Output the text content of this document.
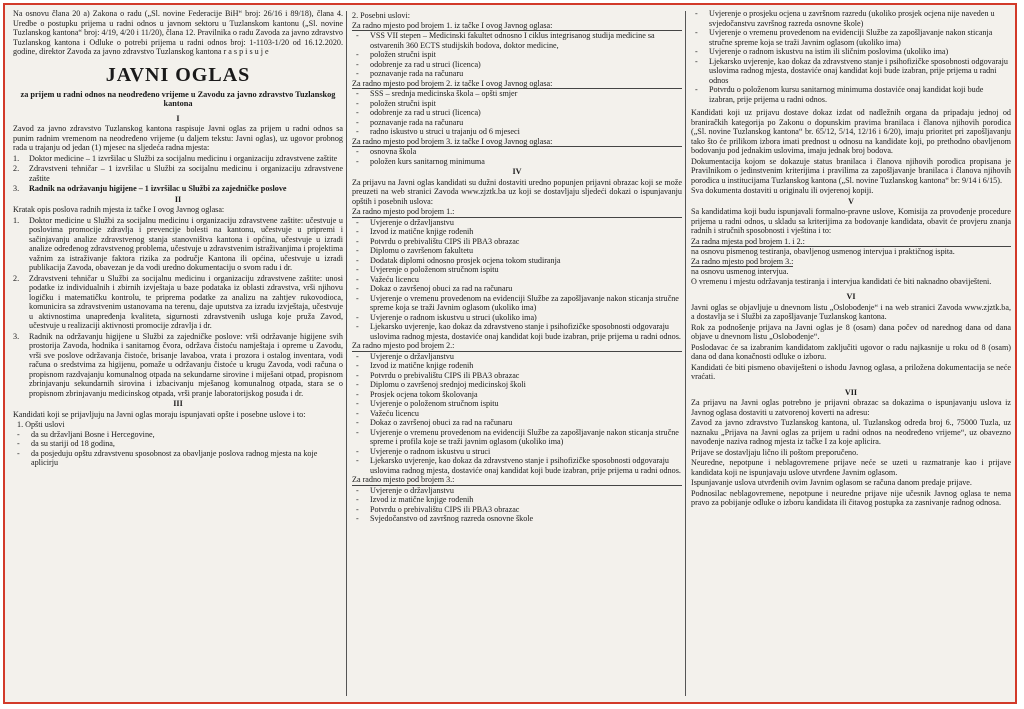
Na osnovu člana 20 a) Zakona o radu („Sl. novine Federacije BiH“ broj: 26/16 i 89/18), člana 4. Uredbe o postupku prijema u radni odnos u javnom sektoru u Tuzlanskom kantonu („Sl. novine Tuzlanskog kantona“ broj: 4/19, 4/20 i 11/20), člana 12. Pravilnika o radu Zavoda za javno zdravstvo Tuzlanskog kantona i Odluke o potrebi prijema u radni odnos broj: 1-1103-1/20 od 16.12.2020. godine, direktor Zavoda za javno zdravstvo Tuzlanskog kantona r a s p i s u j e

JAVNI OGLAS
za prijem u radni odnos na neodređeno vrijeme u Zavodu za javno zdravstvo Tuzlanskog kantona
I

Zavod za javno zdravstvo Tuzlanskog kantona raspisuje Javni oglas za prijem u radni odnos sa punim radnim vremenom na neodređeno vrijeme (u daljem tekstu: Javni oglas), uz ugovor probnog rada u trajanju od jedan (1) mjesec na sljedeća radna mjesta:

1.	Doktor medicine – 1 izvršilac u Službi za socijalnu medicinu i organizaciju zdravstvene zaštite
2.	Zdravstveni tehničar – 1 izvršilac u Službi za socijalnu medicinu i organizaciju zdravstvene zaštite
3.	Radnik na održavanju higijene – 1 izvršilac u Službi za zajedničke poslove
II

Kratak opis poslova radnih mjesta iz tačke I ovog Javnog oglasa:

1.	Doktor medicine u Službi za socijalnu medicinu i organizaciju zdravstvene zaštite: učestvuje u poslovima promocije zdravlja i prevencije bolesti na kantonu, učestvuje u pripremi i sačinjavanju analize zdravstvenog stanja stanovništva kantona i općina, učestvuje u izradi analize određenog zdravstvenog problema, učestvuje u zdravstvenim istraživanjima i projektima važnim za istraživanje faktora rizika za područje Kantona ili općina, učestvuje u izradi publikacija Zavoda, obavezan je da vodi uredno dokumentaciju o svom radu i dr.
2.	Zdravstveni tehničar u Službi za socijalnu medicinu i organizaciju zdravstvene zaštite: unosi podatke iz individualnih i zbirnih izvještaja u baze podataka iz oblasti zdravstva, vrši njihovu logičku i matematičku kontrolu, te priprema podatke za analizu na zahtjev rukovodioca, komunicira sa zdravstvenim ustanovama na terenu, daje uputstva za izradu izvještaja, učestvuje u aktivnostima unapređenja kvaliteta, sigurnosti zdravstvenih usluga koje pruža Zavod, učestvuje u realizaciji aktivnosti promocije zdravlja i dr.
3.	Radnik na održavanju higijene u Službi za zajedničke poslove: vrši održavanje higijene svih prostorija Zavoda, hodnika i sanitarnog čvora, održava čistoću namještaja i opreme u Zavodu, vrši sve poslove održavanja čistoće, brisanje lavaboa, vrata i prozora i ostalog inventara, vodi računa o sredstvima za higijenu, pomaže u održavanju čistoće u krugu Zavoda, vodi računa o propisnom razdvajanju komunalnog otpada na sekundarne sirovine i miješani otpad, propisnom zbrinjavanju sekundarnih sirovina i izbacivanju mješanog komunalnog otpada, stara se o propisnom zbrinjavanju medicinskog otpada, vrši pranje laboratorijskog posuđa i dr.
III

Kandidati koji se prijavljuju na Javni oglas moraju ispunjavati opšte i posebne uslove i to:

1. Opšti uslovi
-	da su državljani Bosne i Hercegovine,
-	da su stariji od 18 godina,
-	da posjeduju opštu zdravstvenu sposobnost za obavljanje poslova radnog mjesta na koje aplicirju
2. Posebni uslovi:
Za radno mjesto pod brojem 1. iz tačke I ovog Javnog oglasa:
-	VSS VII stepen – Medicinski fakultet odnosno I ciklus integrisanog studija medicine sa ostvarenih 360 ECTS studijskih bodova, doktor medicine,
-	položen stručni ispit
-	odobrenje za rad u struci (licenca)
-	poznavanje rada na računaru
Za radno mjesto pod brojem 2. iz tačke I ovog Javnog oglasa:
-	SSS – srednja medicinska škola – opšti smjer
-	položen stručni ispit
-	odobrenje za rad u struci (licenca)
-	poznavanje rada na računaru
-	radno iskustvo u struci u trajanju od 6 mjeseci
Za radno mjesto pod brojem 3. iz tačke I ovog Javnog oglasa:
-	osnovna škola
-	položen kurs sanitarnog minimuma
IV

Za prijavu na Javni oglas kandidati su dužni dostaviti uredno popunjen prijavni obrazac koji se može preuzeti na web stranici Zavoda www.zjztk.ba uz koji se dostavljaju sljedeći dokazi o ispunjavanju opštih i posebnih uslova:

Za radno mjesto pod brojem 1.:
-	Uvjerenje o državljanstvu
-	Izvod iz matične knjige rođenih
-	Potvrdu o prebivalištu CIPS ili PBA3 obrazac
-	Diplomu o završenom fakultetu
-	Dodatak diplomi odnosno prosjek ocjena tokom studiranja
-	Uvjerenje o položenom stručnom ispitu
-	Važeću licencu
-	Dokaz o završenoj obuci za rad na računaru
-	Uvjerenje o vremenu provedenom na evidenciji Službe za zapošljavanje nakon sticanja stručne spreme koja se traži Javnim oglasom (ukoliko ima)
-	Uvjerenje o radnom iskustvu u struci (ukoliko ima)
-	Ljekarsko uvjerenje, kao dokaz da zdravstveno stanje i psihofizičke sposobnosti odgovaraju uslovima radnog mjesta, dostaviće onaj kandidat koji bude izabran, prije prijema u radni odnos.
Za radno mjesto pod brojem 2.:
-	Uvjerenje o državljanstvu
-	Izvod iz matične knjige rođenih
-	Potvrdu o prebivalištu CIPS ili PBA3 obrazac
-	Diplomu o završenoj srednjoj medicinskoj školi
-	Prosjek ocjena tokom školovanja
-	Uvjerenje o položenom stručnom ispitu
-	Važeću licencu
-	Dokaz o završenoj obuci za rad na računaru
-	Uvjerenje o vremenu provedenom na evidenciji Službe za zapošljavanje nakon sticanja stručne spreme i profila koje se traži javnim oglasom (ukoliko ima)
-	Uvjerenje o radnom iskustvu u struci
-	Ljekarsko uvjerenje, kao dokaz da zdravstveno stanje i psihofizičke sposobnosti odgovaraju uslovima radnog mjesta, dostaviće onaj kandidat koji bude izabran, prije prijema u radni odnos.
Za radno mjesto pod brojem 3.:
-	Uvjerenje o državljanstvu
-	Izvod iz matične knjige rođenih
-	Potvrdu o prebivalištu CIPS ili PBA3 obrazac
-	Svjedočanstvo od završnog razreda osnovne škole
-	Uvjerenje o prosjeku ocjena u završnom razredu (ukoliko prosjek ocjena nije naveden u svjedočanstvu završnog razreda osnovne škole)
-	Uvjerenje o vremenu provedenom na evidenciji Službe za zapošljavanje nakon sticanja stručne spreme koja se traži Javnim oglasom (ukoliko ima)
-	Uvjerenje o radnom iskustvu na istim ili sličnim poslovima (ukoliko ima)
-	Ljekarsko uvjerenje, kao dokaz da zdravstveno stanje i psihofizičke sposobnosti odgovaraju uslovima radnog mjesta, dostaviće onaj kandidat koji bude izabran, prije prijema u radni odnos
-	Potvrdu o položenom kursu sanitarnog minimuma dostaviće onaj kandidat koji bude izabran, prije prijema u radni odnos.

Kandidati koji uz prijavu dostave dokaz izdat od nadležnih organa da pripadaju jednoj od braniračkih kategorija po Zakonu o dopunskim pravima branilaca i članova njihovih porodica („Sl. novine Tuzlanskog kantona“ br. 65/12, 5/14, 12/16 i 6/20), imaju prioritet pri zapošljavanju tako što će prilikom izbora imati prednost u odnosu na kandidate koji, po prethodno obavljenom bodovanju pod jednakim uslovima, imaju jednak broj bodova.

Dokumentacija kojom se dokazuje status branilaca i članova njihovih porodica propisana je Pravilnikom o jedinstvenim kriterijima i pravilima za zapošljavanje branilaca i članova njihovih porodica u institucijama Tuzlanskog kantona („Sl. novine Tuzlanskog kantona“ br: 9/14 i 6/15).

Sva dokumenta dostaviti u originalu ili ovjerenoj kopiji.

V

Sa kandidatima koji budu ispunjavali formalno-pravne uslove, Komisija za provođenje procedure prijema u radni odnos, u skladu sa kriterijima za bodovanje kandidata, obavit će provjeru znanja radnih i stručnih sposobnosti i vještina i to:

Za radna mjesta pod brojem 1. i 2.:
na osnovu pismenog testiranja, obavljenog usmenog intervjua i praktičnog ispita.
Za radno mjesto pod brojem 3.:
na osnovu usmenog intervjua.

O vremenu i mjestu održavanja testiranja i intervjua kandidati će biti naknadno obaviješteni.

VI

Javni oglas se objavljuje u dnevnom listu „Oslobođenje“ i na web stranici Zavoda www.zjztk.ba, a dostavlja se i Službi za zapošljavanje Tuzlanskog kantona.

Rok za podnošenje prijava na Javni oglas je 8 (osam) dana počev od narednog dana od dana objave u dnevnom listu „Oslobođenje“.

Poslodavac će sa izabranim kandidatom zaključiti ugovor o radu najkasnije u roku od 8 (osam) dana od dana konačnosti odluke o izboru.

Kandidati će biti pismeno obaviješteni o ishodu Javnog oglasa, a priložena dokumentacija se neće vraćati.

VII

Za prijavu na Javni oglas potrebno je prijavni obrazac sa dokazima o ispunjavanju uslova iz Javnog oglasa dostaviti u zatvorenoj koverti na adresu:

Zavod za javno zdravstvo Tuzlanskog kantona, ul. Tuzlanskog odreda broj 6., 75000 Tuzla, uz naznaku „Prijava na Javni oglas za prijem u radni odnos na neodređeno vrijeme“, uz obavezno navođenje naziva radnog mjesta iz tačke I za koje aplicira.

Prijave se dostavljaju lično ili poštom preporučeno.

Neuredne, nepotpune i neblagovremene prijave neće se uzeti u razmatranje kao i prijave kandidata koji ne ispunjavaju uslove utvrđene Javnim oglasom.

Ispunjavanje uslova utvrđenih ovim Javnim oglasom se računa danom predaje prijave.

Podnosilac neblagovremene, nepotpune i neuredne prijave nije učesnik Javnog oglasa te nema pravo za pobijanje odluke o izboru kandidata ili čitavog postupka za zasnivanje radnog odnosa.
